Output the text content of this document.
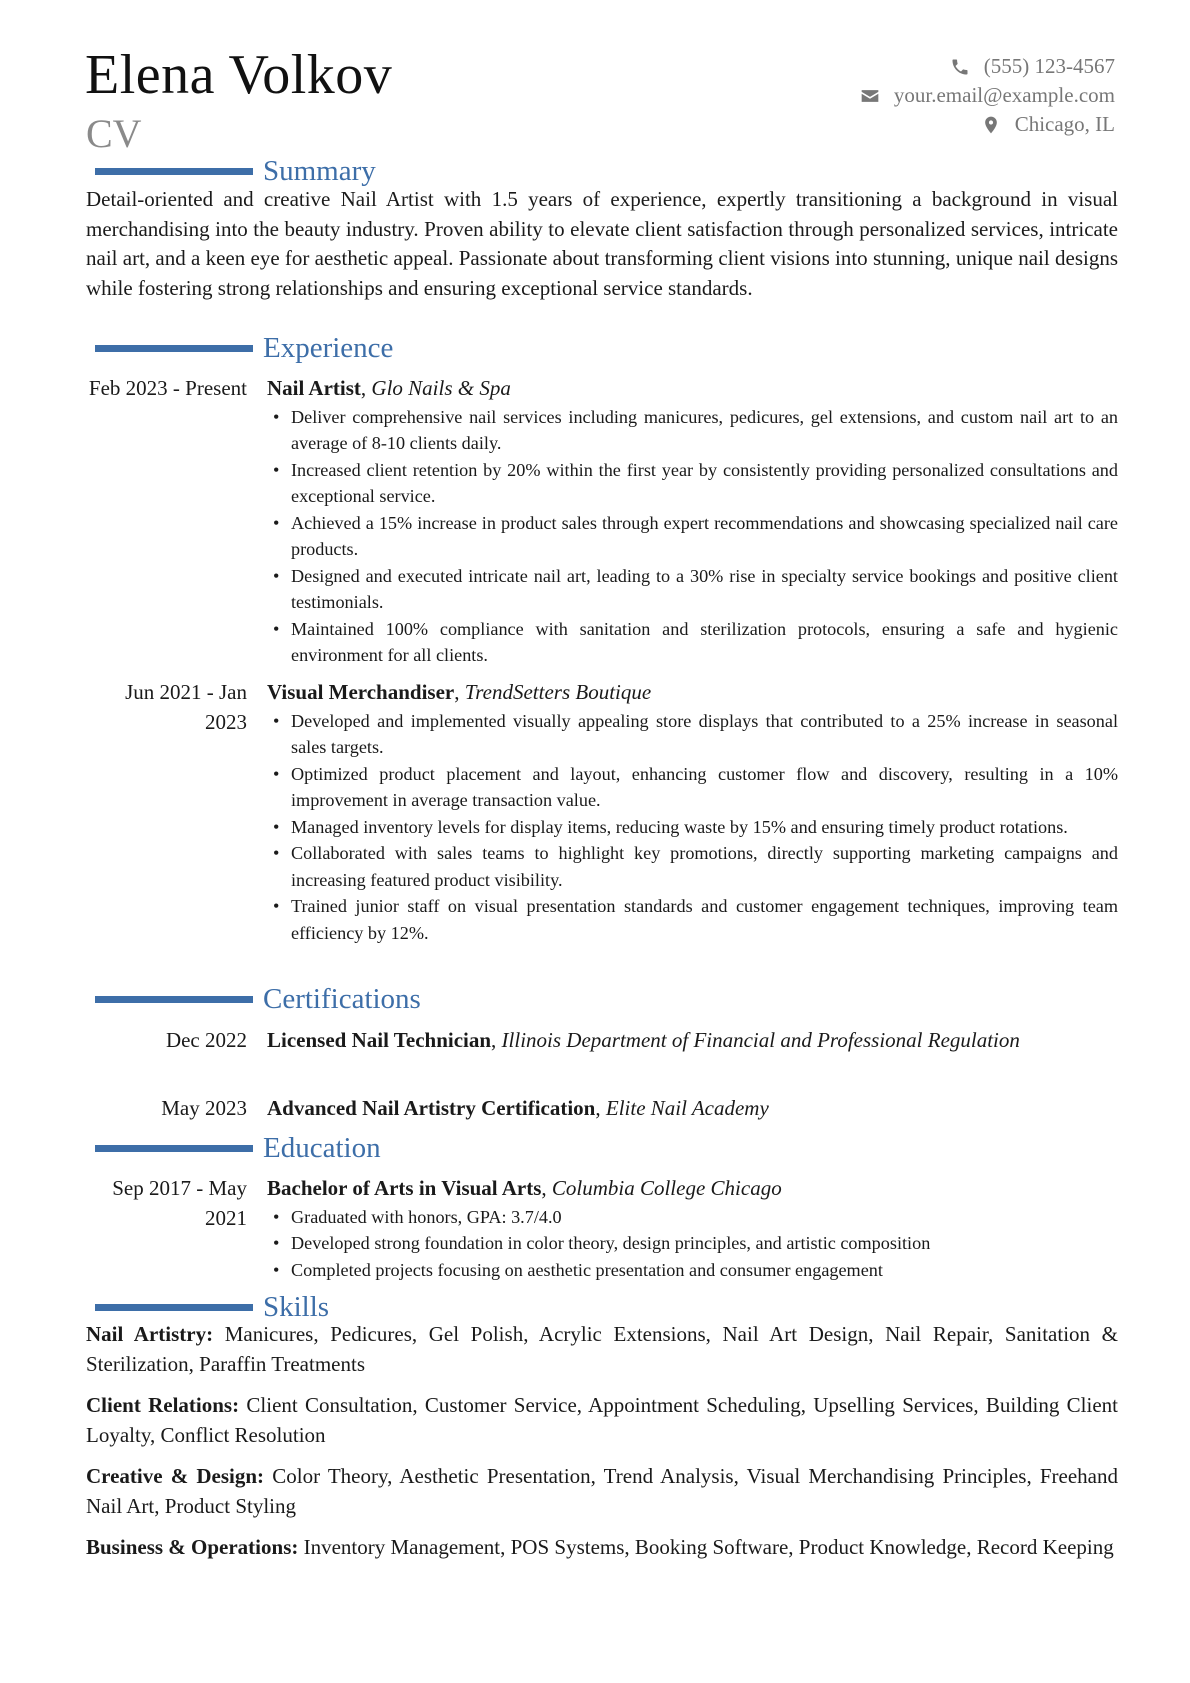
Elena Volkov
CV
(555) 123-4567
your.email@example.com
Chicago, IL
Summary
Detail-oriented and creative Nail Artist with 1.5 years of experience, expertly transitioning a background in visual merchandising into the beauty industry. Proven ability to elevate client satisfaction through personalized services, intricate nail art, and a keen eye for aesthetic appeal. Passionate about transforming client visions into stunning, unique nail designs while fostering strong relationships and ensuring exceptional service standards.
Experience
Feb 2023 - Present Nail Artist, Glo Nails & Spa
• Deliver comprehensive nail services including manicures, pedicures, gel extensions, and custom nail art to an average of 8-10 clients daily.
• Increased client retention by 20% within the first year by consistently providing personalized consultations and exceptional service.
• Achieved a 15% increase in product sales through expert recommendations and showcasing specialized nail care products.
• Designed and executed intricate nail art, leading to a 30% rise in specialty service bookings and positive client testimonials.
• Maintained 100% compliance with sanitation and sterilization protocols, ensuring a safe and hygienic environment for all clients.
Jun 2021 - Jan 2023
Visual Merchandiser, TrendSetters Boutique
• Developed and implemented visually appealing store displays that contributed to a 25% increase in seasonal sales targets.
• Optimized product placement and layout, enhancing customer flow and discovery, resulting in a 10% improvement in average transaction value.
• Managed inventory levels for display items, reducing waste by 15% and ensuring timely product rotations.
• Collaborated with sales teams to highlight key promotions, directly supporting marketing campaigns and increasing featured product visibility.
• Trained junior staff on visual presentation standards and customer engagement techniques, improving team efficiency by 12%.
Certifications
Dec 2022 Licensed Nail Technician, Illinois Department of Financial and Professional Regulation
May 2023 Advanced Nail Artistry Certification, Elite Nail Academy
Education
Sep 2017 - May 2021
Bachelor of Arts in Visual Arts, Columbia College Chicago
• Graduated with honors, GPA: 3.7/4.0
• Developed strong foundation in color theory, design principles, and artistic composition
• Completed projects focusing on aesthetic presentation and consumer engagement
Skills
Nail Artistry: Manicures, Pedicures, Gel Polish, Acrylic Extensions, Nail Art Design, Nail Repair, Sanitation & Sterilization, Paraffin Treatments
Client Relations: Client Consultation, Customer Service, Appointment Scheduling, Upselling Services, Building Client Loyalty, Conflict Resolution
Creative & Design: Color Theory, Aesthetic Presentation, Trend Analysis, Visual Merchandising Principles, Freehand Nail Art, Product Styling
Business & Operations: Inventory Management, POS Systems, Booking Software, Product Knowledge, Record Keeping
